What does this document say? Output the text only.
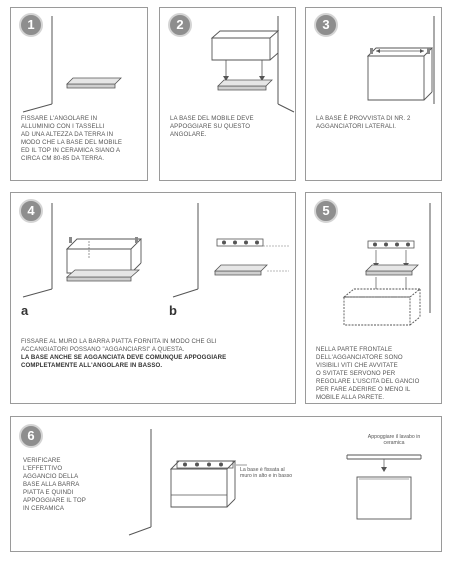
1
FISSARE L'ANGOLARE IN
ALLUMINIO CON I TASSELLI
AD UNA ALTEZZA DA TERRA IN
MODO CHE LA BASE DEL MOBILE
ED IL TOP IN CERAMICA SIANO A
CIRCA CM 80-85 DA TERRA.
2
LA BASE DEL MOBILE DEVE
APPOGGIARE SU QUESTO
ANGOLARE.
3
LA BASE È PROVVISTA DI NR. 2
AGGANCIATORI LATERALI.
4
a	b
FISSARE AL MURO LA BARRA PIATTA FORNITA IN MODO CHE GLI
ACCANGIATORI POSSANO "AGGANCIARSI" A QUESTA.
LA BASE ANCHE SE AGGANCIATA DEVE COMUNQUE APPOGGIARE
COMPLETAMENTE ALL'ANGOLARE IN BASSO.
5
NELLA PARTE FRONTALE
DELL'AGGANCIATORE SONO
VISIBILI VITI CHE AVVITATE
O SVITATE SERVONO PER
REGOLARE L'USCITA DEL GANCIO
PER FARE ADERIRE O MENO IL
MOBILE ALLA PARETE.
6
VERIFICARE
L'EFFETTIVO
AGGANCIO DELLA
BASE ALLA BARRA
PIATTA E QUINDI
APPOGGIARE IL TOP
IN CERAMICA
La base è fissata al
muro in alto e in basso
Appoggiare il lavabo in
ceramica
